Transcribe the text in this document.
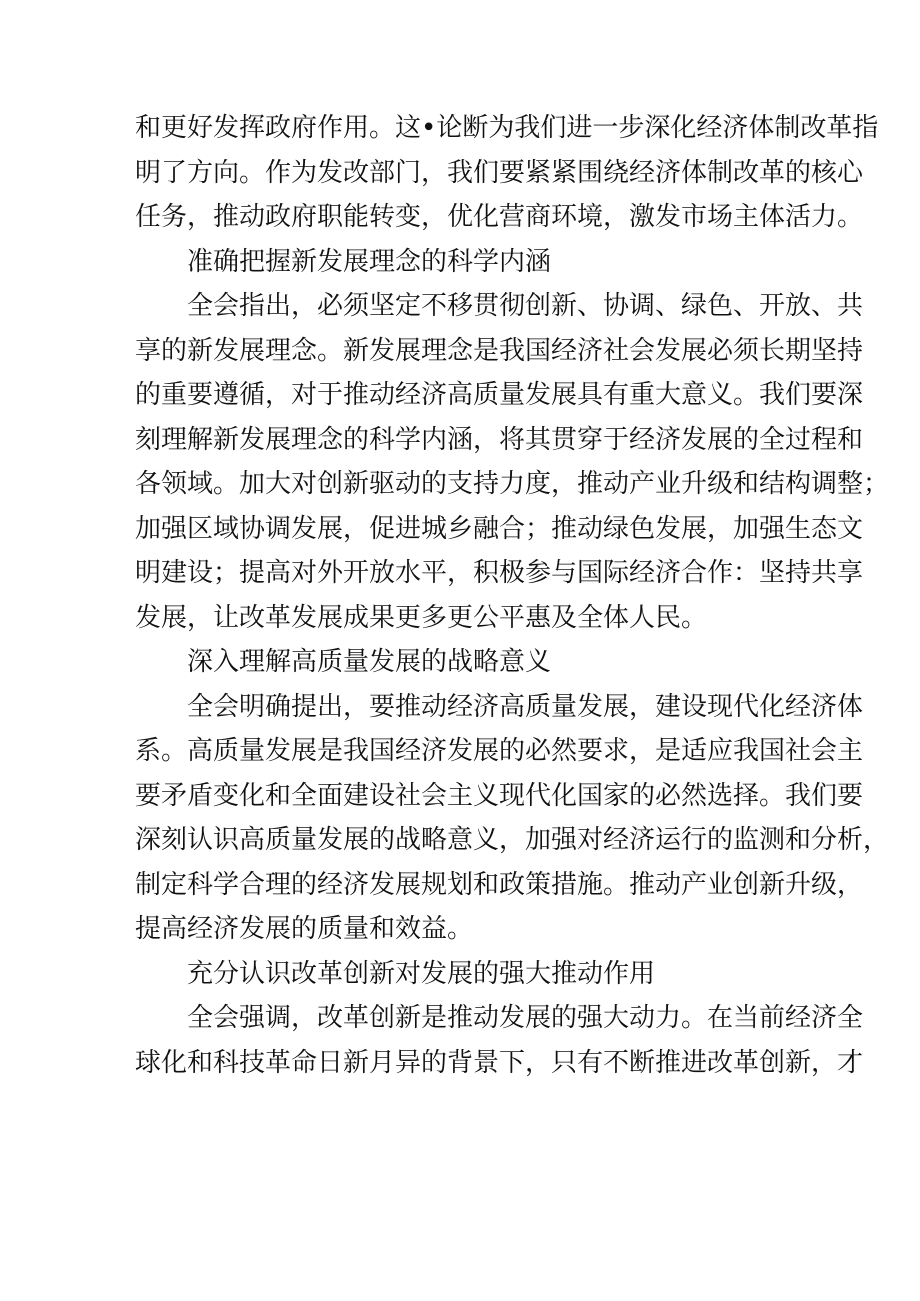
和更好发挥政府作用。这•论断为我们进一步深化经济体制改革指
明了方向。作为发改部门，我们要紧紧围绕经济体制改革的核心
任务，推动政府职能转变，优化营商环境，激发市场主体活力。
准确把握新发展理念的科学内涵
全会指出，必须坚定不移贯彻创新、协调、绿色、开放、共
享的新发展理念。新发展理念是我国经济社会发展必须长期坚持
的重要遵循，对于推动经济高质量发展具有重大意义。我们要深
刻理解新发展理念的科学内涵，将其贯穿于经济发展的全过程和
各领域。加大对创新驱动的支持力度，推动产业升级和结构调整；
加强区域协调发展，促进城乡融合；推动绿色发展，加强生态文
明建设；提高对外开放水平，积极参与国际经济合作：坚持共享
发展，让改革发展成果更多更公平惠及全体人民。
深入理解高质量发展的战略意义
全会明确提出，要推动经济高质量发展，建设现代化经济体
系。高质量发展是我国经济发展的必然要求，是适应我国社会主
要矛盾变化和全面建设社会主义现代化国家的必然选择。我们要
深刻认识高质量发展的战略意义，加强对经济运行的监测和分析，
制定科学合理的经济发展规划和政策措施。推动产业创新升级，
提高经济发展的质量和效益。
充分认识改革创新对发展的强大推动作用
全会强调，改革创新是推动发展的强大动力。在当前经济全
球化和科技革命日新月异的背景下，只有不断推进改革创新，才
